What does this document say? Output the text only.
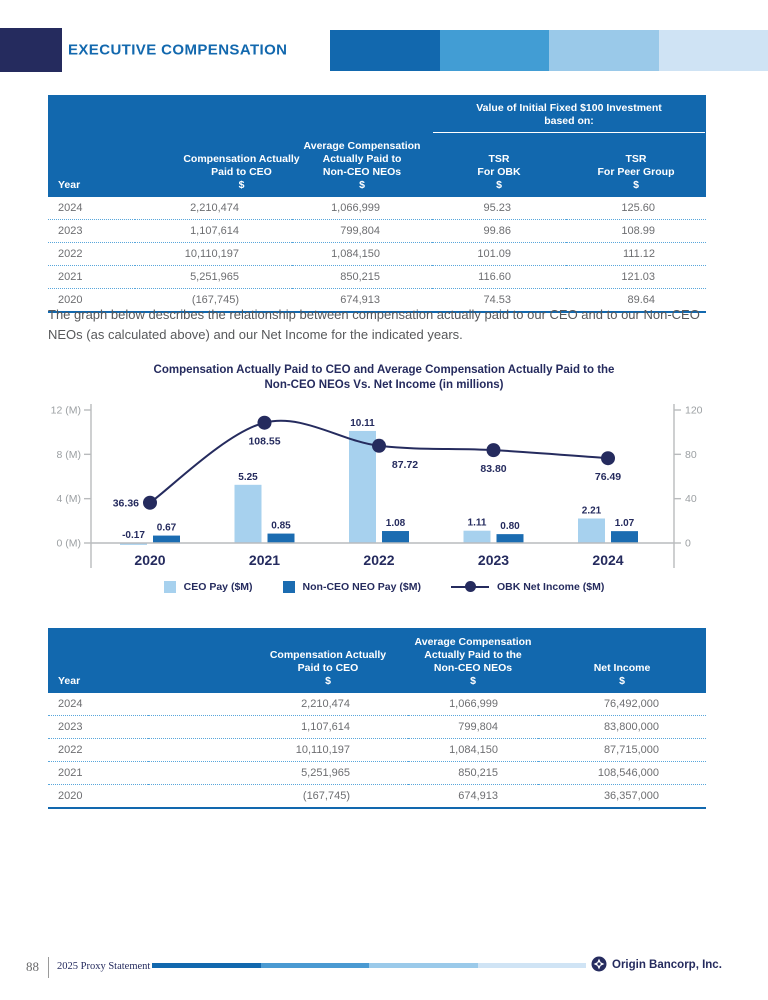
EXECUTIVE COMPENSATION

			Value of Initial Fixed $100 Investment
based on:	

Year

Compensation Actually
Paid to CEO
$

Average Compensation
Actually Paid to
Non-CEO NEOs
$

TSR
For OBK
$

TSR
For Peer Group
$

2024	2,210,474	1,066,999	95.23	125.60
2023	1,107,614	799,804	99.86	108.99
2022	10,110,197	1,084,150	101.09	111.12
2021	5,251,965	850,215	116.60	121.03
2020	(167,745)	674,913	74.53	89.64
The graph below describes the relationship between compensation actually paid to our CEO and to our Non-CEO NEOs (as calculated above) and our Net Income for the indicated years.
Compensation Actually Paid to CEO and Average Compensation Actually Paid to the
Non-CEO NEOs Vs. Net Income (in millions)
12 (M)
8 (M)
4 (M)
0 (M)
120
80
40
0
-0.17
5.25
10.11
1.11
2.21
0.67	0.85	1.08	0.80	1.07
36.36
108.55
87.72	83.80
76.49
2020	2021	2022	2023	2024
CEO Pay ($M)	Non-CEO NEO Pay ($M)	OBK Net Income ($M)
Year

Compensation Actually
Paid to CEO
$

Average Compensation
Actually Paid to the
Non-CEO NEOs
$

Net Income
$

2024	2,210,474	1,066,999	76,492,000
2023	1,107,614	799,804	83,800,000
2022	10,110,197	1,084,150	87,715,000
2021	5,251,965	850,215	108,546,000
2020	(167,745)	674,913	36,357,000
88 2025 Proxy Statement	Origin Bancorp, Inc.
